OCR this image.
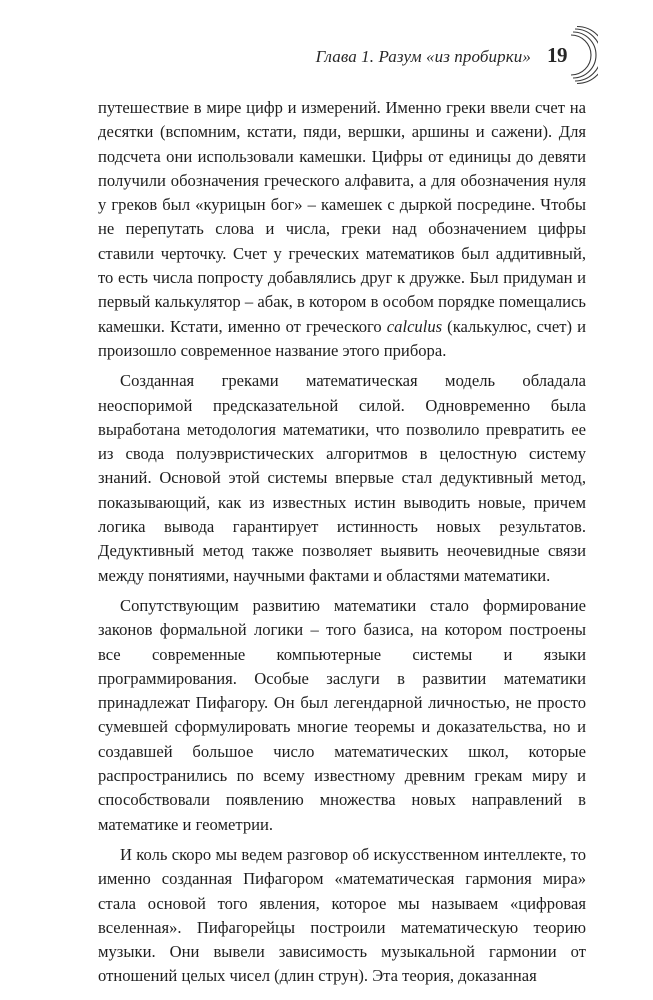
Глава 1. Разум «из пробирки» 19

путешествие в мире цифр и измерений. Именно греки ввели счет на десятки (вспомним, кстати, пяди, вершки, аршины и сажени). Для подсчета они использовали камешки. Цифры от единицы до девяти получили обозначения греческого алфавита, а для обозначения нуля у греков был «курицын бог» – камешек с дыркой посредине. Чтобы не перепутать слова и числа, греки над обозначением цифры ставили черточку. Счет у греческих математиков был аддитивный, то есть числа попросту добавлялись друг к дружке. Был придуман и первый калькулятор – абак, в котором в особом порядке помещались камешки. Кстати, именно от греческого calculus (калькулюс, счет) и произошло современное название этого прибора.

Созданная греками математическая модель обладала неоспоримой предсказательной силой. Одновременно была выработана методология математики, что позволило превратить ее из свода полуэвристических алгоритмов в целостную систему знаний. Основой этой системы впервые стал дедуктивный метод, показывающий, как из известных истин выводить новые, причем логика вывода гарантирует истинность новых результатов. Дедуктивный метод также позволяет выявить неочевидные связи между понятиями, научными фактами и областями математики.

Сопутствующим развитию математики стало формирование законов формальной логики – того базиса, на котором построены все современные компьютерные системы и языки программирования. Особые заслуги в развитии математики принадлежат Пифагору. Он был легендарной личностью, не просто сумевшей сформулировать многие теоремы и доказательства, но и создавшей большое число математических школ, которые распространились по всему известному древним грекам миру и способствовали появлению множества новых направлений в математике и геометрии.

И коль скоро мы ведем разговор об искусственном интеллекте, то именно созданная Пифагором «математическая гармония мира» стала основой того явления, которое мы называем «цифровая вселенная». Пифагорейцы построили математическую теорию музыки. Они вывели зависимость музыкальной гармонии от отношений целых чисел (длин струн). Эта теория, доказанная
